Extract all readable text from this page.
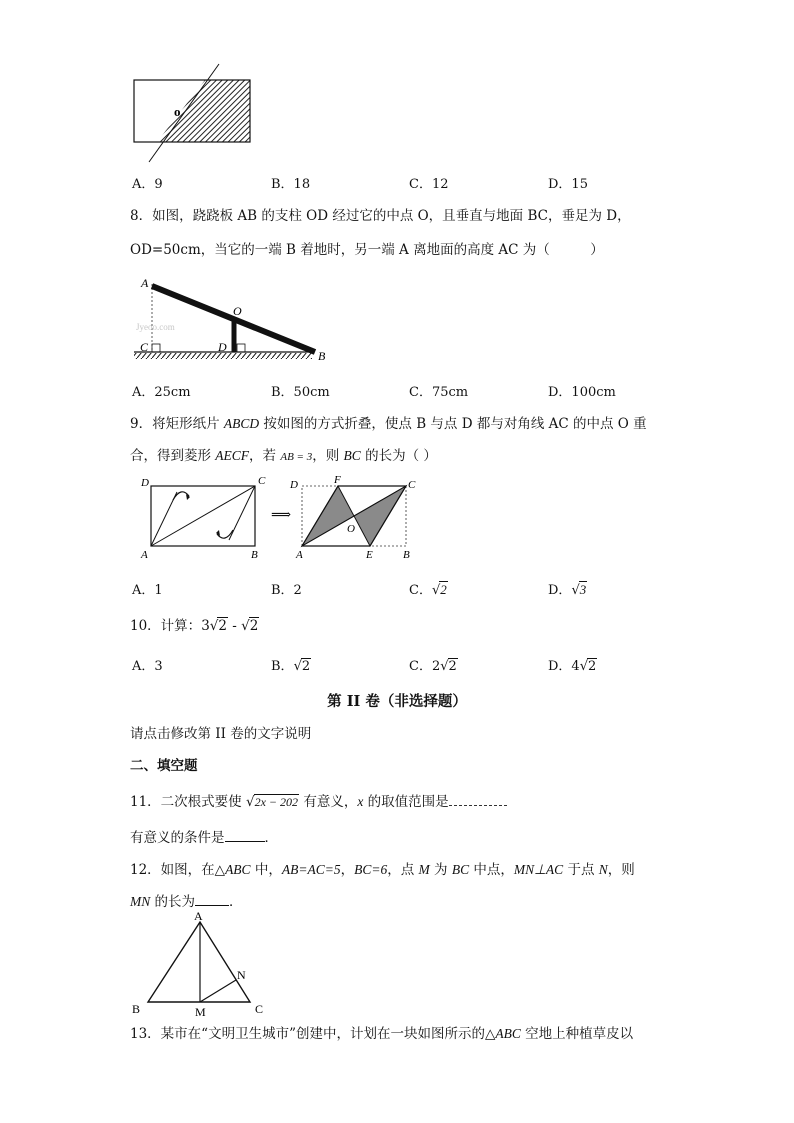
o
A．9	B．18	C．12	D．15
8．如图，跷跷板 AB 的支柱 OD 经过它的中点 O，且垂直与地面 BC，垂足为 D，
OD=50cm，当它的一端 B 着地时，另一端 A 离地面的高度 AC 为（　　　）
Jyeoo.com
A
O
C	D
B
A．25cm	B．50cm	C．75cm	D．100cm
9．将矩形纸片 ABCD 按如图的方式折叠，使点 B 与点 D 都与对角线 AC 的中点 O 重
合，得到菱形 AECF，若 AB = 3，则 BC 的长为（ ）
D	C
A	B
⟹
D	F	C
O
A	E	B
A．1	B．2	C．√2	D．√3
10．计算：3√2 - √2
A．3	B．√2	C．2√2	D．4√2
第 II 卷（非选择题）
请点击修改第 II 卷的文字说明
二、填空题
11．二次根式要使 √2x − 202 有意义，x 的取值范围是
有意义的条件是	．
12．如图，在△ABC 中，AB=AC=5，BC=6，点 M 为 BC 中点，MN⊥AC 于点 N，则
MN 的长为	．
A
N
B	M	C
13．某市在“文明卫生城市”创建中，计划在一块如图所示的△ABC 空地上种植草皮以
